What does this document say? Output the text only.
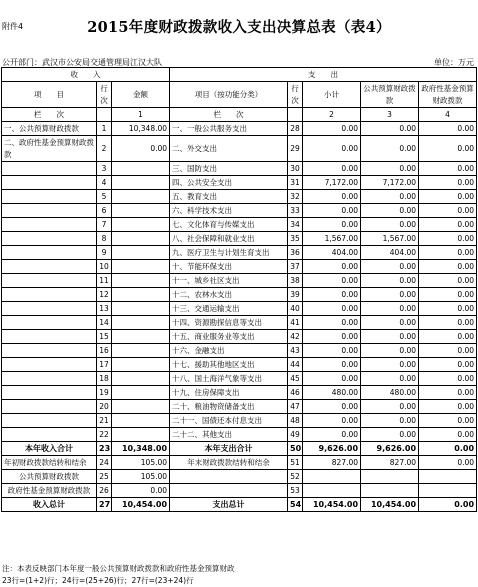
附件4	2015年度财政拨款收入支出决算总表（表4）
公开部门：武汉市公安局交通管理局江汉大队	单位：万元
收　　入			支　　出				
项　　目	行次	金额	项目（按功能分类）	行次	小计	公共预算财政拨款	政府性基金预算财政拨款
栏　　次		1	栏　　次		2	3	4
一、公共预算财政拨款	1	10,348.00	一、一般公共服务支出	28	0.00	0.00	0.00
二、政府性基金预算财政拨款	2	0.00	二、外交支出	29	0.00	0.00	0.00
	3		三、国防支出	30	0.00	0.00	0.00
	4		四、公共安全支出	31	7,172.00	7,172.00	0.00
	5		五、教育支出	32	0.00	0.00	0.00
	6		六、科学技术支出	33	0.00	0.00	0.00
	7		七、文化体育与传媒支出	34	0.00	0.00	0.00
	8		八、社会保障和就业支出	35	1,567.00	1,567.00	0.00
	9		九、医疗卫生与计划生育支出	36	404.00	404.00	0.00
	10		十、节能环保支出	37	0.00	0.00	0.00
	11		十一、城乡社区支出	38	0.00	0.00	0.00
	12		十二、农林水支出	39	0.00	0.00	0.00
	13		十三、交通运输支出	40	0.00	0.00	0.00
	14		十四、资源勘探信息等支出	41	0.00	0.00	0.00
	15		十五、商业服务业等支出	42	0.00	0.00	0.00
	16		十六、金融支出	43	0.00	0.00	0.00
	17		十七、援助其他地区支出	44	0.00	0.00	0.00
	18		十八、国土海洋气象等支出	45	0.00	0.00	0.00
	19		十九、住房保障支出	46	480.00	480.00	0.00
	20		二十、粮油物资储备支出	47	0.00	0.00	0.00
	21		二十一、国债还本付息支出	48	0.00	0.00	0.00
	22		二十二、其他支出	49	0.00	0.00	0.00
本年收入合计	23	10,348.00	本年支出合计	50	9,626.00	9,626.00	0.00
年初财政拨款结转和结余	24	105.00	年末财政拨款结转和结余	51	827.00	827.00	0.00
公共预算财政拨款	25	105.00		52			
政府性基金预算财政拨款	26	0.00		53			
收入总计	27	10,454.00	支出总计	54	10,454.00	10,454.00	0.00
注：本表反映部门本年度一般公共预算财政拨款和政府性基金预算财政
23行=(1+2)行；24行=(25+26)行；27行=(23+24)行
